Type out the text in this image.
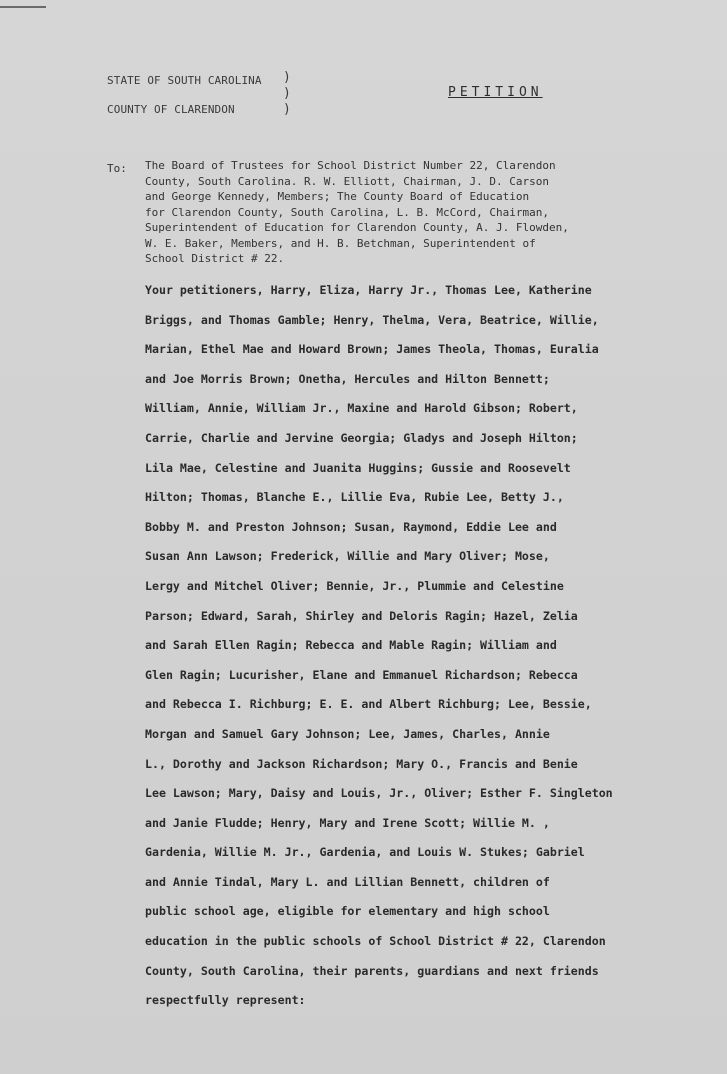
STATE OF SOUTH CAROLINA
COUNTY OF CLARENDON
)
)
)
PETITION
To: The Board of Trustees for School District Number 22, Clarendon
County, South Carolina. R. W. Elliott, Chairman, J. D. Carson
and George Kennedy, Members; The County Board of Education
for Clarendon County, South Carolina, L. B. McCord, Chairman,
Superintendent of Education for Clarendon County, A. J. Flowden,
W. E. Baker, Members, and H. B. Betchman, Superintendent of
School District # 22.
Your petitioners, Harry, Eliza, Harry Jr., Thomas Lee, Katherine
Briggs, and Thomas Gamble; Henry, Thelma, Vera, Beatrice, Willie,
Marian, Ethel Mae and Howard Brown; James Theola, Thomas, Euralia
and Joe Morris Brown; Onetha, Hercules and Hilton Bennett;
William, Annie, William Jr., Maxine and Harold Gibson; Robert,
Carrie, Charlie and Jervine Georgia; Gladys and Joseph Hilton;
Lila Mae, Celestine and Juanita Huggins; Gussie and Roosevelt
Hilton; Thomas, Blanche E., Lillie Eva, Rubie Lee, Betty J.,
Bobby M. and Preston Johnson; Susan, Raymond, Eddie Lee and
Susan Ann Lawson; Frederick, Willie and Mary Oliver; Mose,
Lergy and Mitchel Oliver; Bennie, Jr., Plummie and Celestine
Parson; Edward, Sarah, Shirley and Deloris Ragin; Hazel, Zelia
and Sarah Ellen Ragin; Rebecca and Mable Ragin; William and
Glen Ragin; Lucurisher, Elane and Emmanuel Richardson; Rebecca
and Rebecca I. Richburg; E. E. and Albert Richburg; Lee, Bessie,
Morgan and Samuel Gary Johnson; Lee, James, Charles, Annie
L., Dorothy and Jackson Richardson; Mary O., Francis and Benie
Lee Lawson; Mary, Daisy and Louis, Jr., Oliver; Esther F. Singleton
and Janie Fludde; Henry, Mary and Irene Scott; Willie M. ,
Gardenia, Willie M. Jr., Gardenia, and Louis W. Stukes; Gabriel
and Annie Tindal, Mary L. and Lillian Bennett, children of
public school age, eligible for elementary and high school
education in the public schools of School District # 22, Clarendon
County, South Carolina, their parents, guardians and next friends
respectfully represent:
